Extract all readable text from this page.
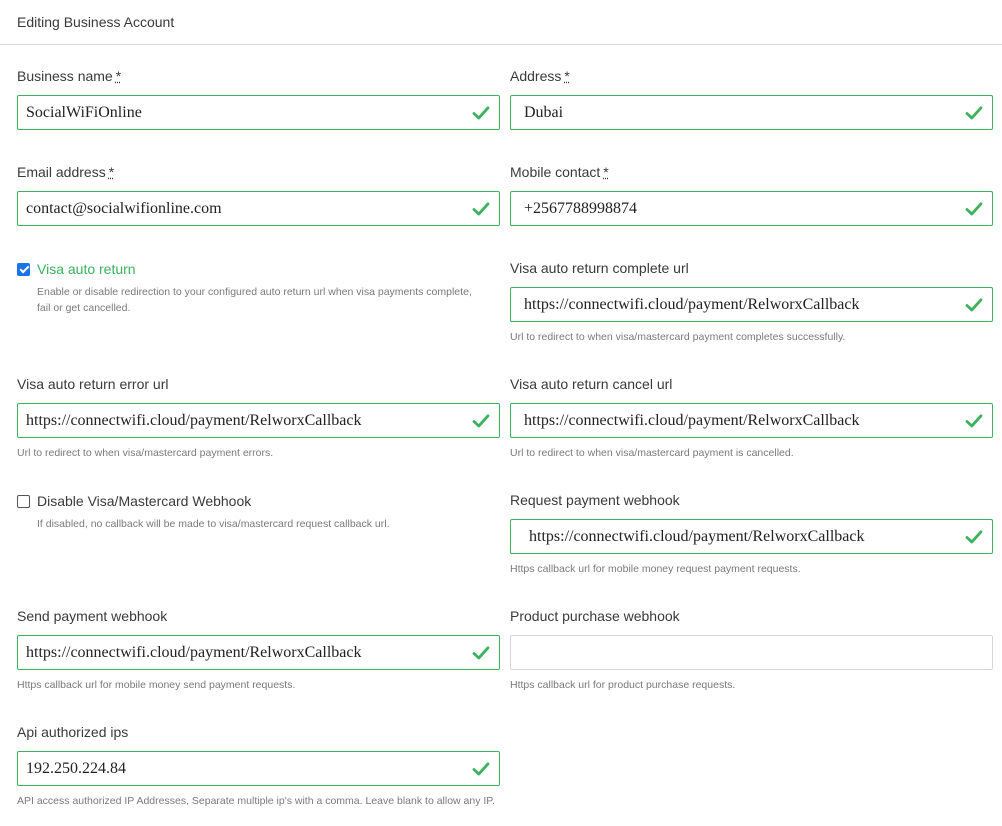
Editing Business Account
Business name *
SocialWiFiOnline	Address *
Dubai
Email address *
contact@socialwifionline.com	Mobile contact *
+2567788998874
Visa auto return
Enable or disable redirection to your configured auto return url when visa payments complete, fail or get cancelled.
Visa auto return complete url
https://connectwifi.cloud/payment/RelworxCallback
Url to redirect to when visa/mastercard payment completes successfully.
Visa auto return error url
https://connectwifi.cloud/payment/RelworxCallback
Url to redirect to when visa/mastercard payment errors.
Visa auto return cancel url
https://connectwifi.cloud/payment/RelworxCallback
Url to redirect to when visa/mastercard payment is cancelled.
Disable Visa/Mastercard Webhook
If disabled, no callback will be made to visa/mastercard request callback url.
Request payment webhook
https://connectwifi.cloud/payment/RelworxCallback
Https callback url for mobile money request payment requests.
Send payment webhook
https://connectwifi.cloud/payment/RelworxCallback
Https callback url for mobile money send payment requests.
Product purchase webhook
Https callback url for product purchase requests.
Api authorized ips
192.250.224.84
API access authorized IP Addresses, Separate multiple ip's with a comma. Leave blank to allow any IP.
